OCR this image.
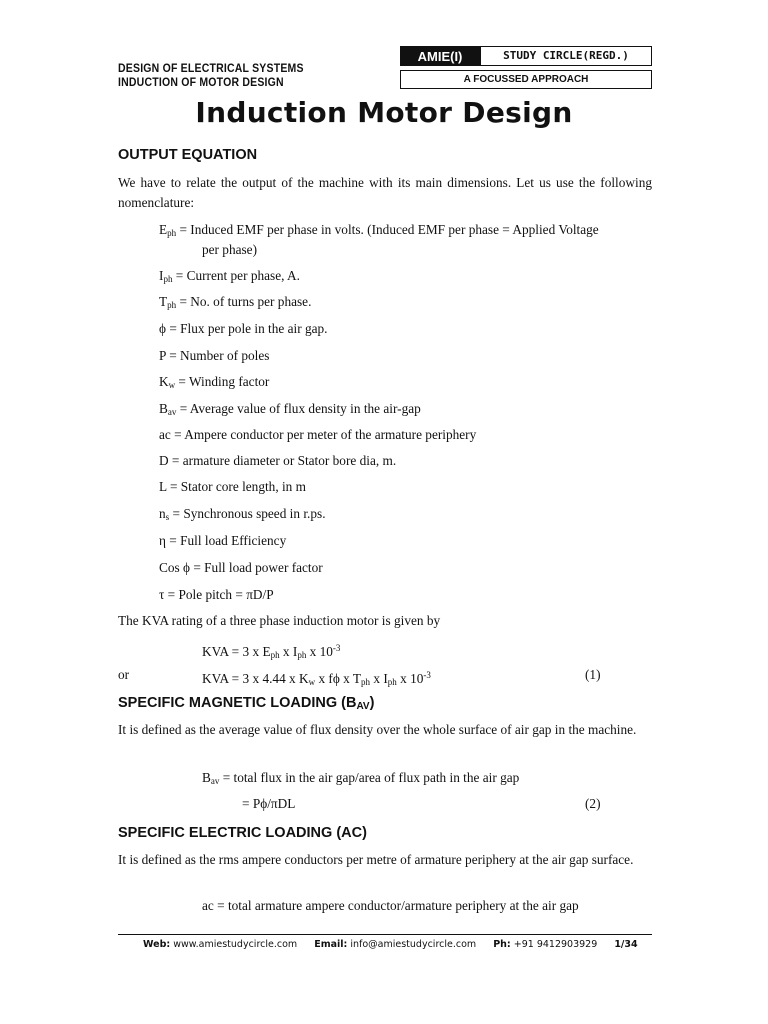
DESIGN OF ELECTRICAL SYSTEMS
INDUCTION OF MOTOR DESIGN
AMIE(I)	STUDY CIRCLE(REGD.)
A FOCUSSED APPROACH
Induction Motor Design
OUTPUT EQUATION
We have to relate the output of the machine with its main dimensions. Let us use the following nomenclature:
$E_{ph}$ = Induced EMF per phase in volts. (Induced EMF per phase = Applied Voltage
per phase)
$I_{ph}$ = Current per phase, A.
$T_{ph} = No$. of turns per phase.
ϕ = Flux per pole in the air gap.
P = Number of poles
$K_w$ = Winding factor
$B_{av}$ = Average value of flux density in the air-gap
ac = Ampere conductor per meter of the armature periphery
D = armature diameter or Stator bore dia, m.
L = Stator core length, in m
$n_s$ = Synchronous speed in r.ps.
η = Full load Efficiency
Cos ϕ = Full load power factor
τ = Pole pitch = πD/P
The KVA rating of a three phase induction motor is given by
KVA = 3 x $E_{ph}$ x $I_{ph}$ x $10^{-3}$
or	KVA = 3 x 4.44 x $K_w$ x fϕ x $T_{ph}$ x $I_{ph}$ x $10^{-3}$	(1)
SPECIFIC MAGNETIC LOADING $(B_{AV})$
It is defined as the average value of flux density over the whole surface of air gap in the machine.
$B_{av}$ = total flux in the air gap/area of flux path in the air gap
= Pϕ/πDL	(2)
SPECIFIC ELECTRIC LOADING (AC)
It is defined as the rms ampere conductors per metre of armature periphery at the air gap surface.
ac = total armature ampere conductor/armature periphery at the air gap
Web: www.amiestudycircle.com Email: info@amiestudycircle.com Ph: +91 9412903929 1/34
